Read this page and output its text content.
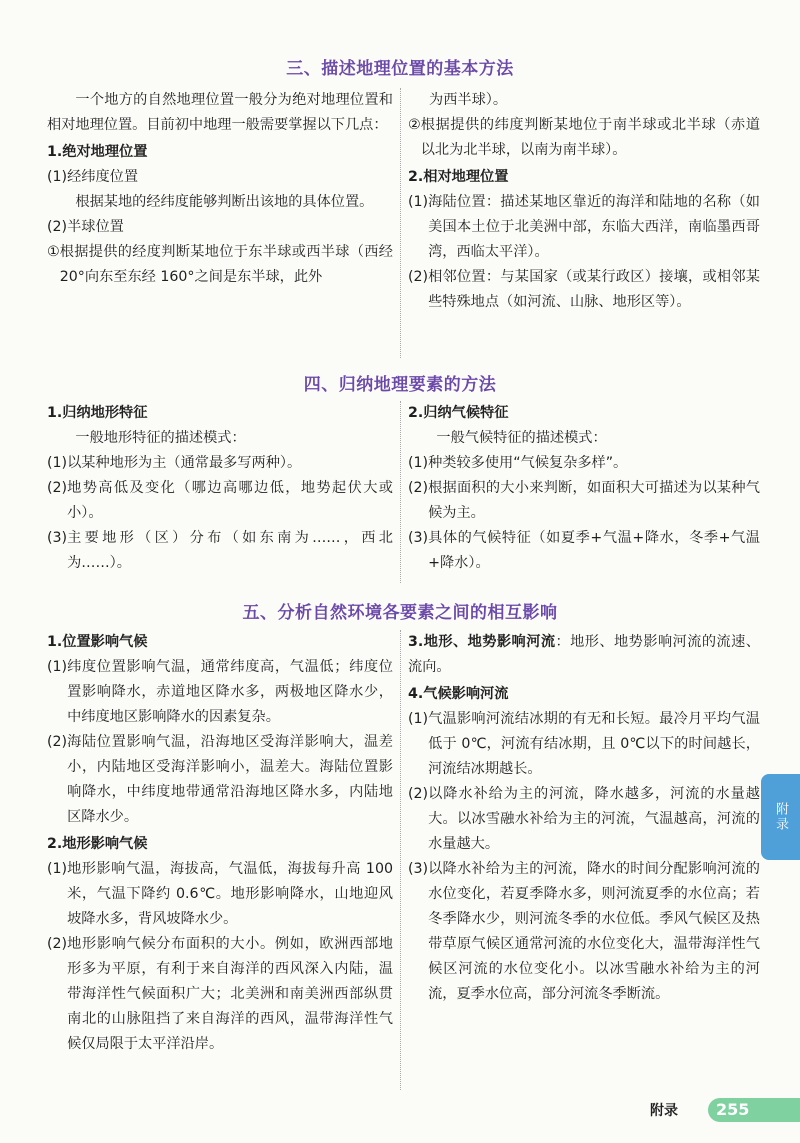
三、描述地理位置的基本方法

一个地方的自然地理位置一般分为绝对地理位置和相对地理位置。目前初中地理一般需要掌握以下几点：

1.绝对地理位置

(1)经纬度位置

根据某地的经纬度能够判断出该地的具体位置。

(2)半球位置

① 根据提供的经度判断某地位于东半球或西半球（西经 20°向东至东经 160°之间是东半球，此外

为西半球）。

② 根据提供的纬度判断某地位于南半球或北半球（赤道以北为北半球，以南为南半球）。

2.相对地理位置

(1) 海陆位置：描述某地区靠近的海洋和陆地的名称（如美国本土位于北美洲中部，东临大西洋，南临墨西哥湾，西临太平洋）。
(2) 相邻位置：与某国家（或某行政区）接壤，或相邻某些特殊地点（如河流、山脉、地形区等）。
四、归纳地理要素的方法

1.归纳地形特征

一般地形特征的描述模式：

(1) 以某种地形为主（通常最多写两种）。
(2) 地势高低及变化（哪边高哪边低，地势起伏大或小）。
(3) 主要地形（区）分布（如东南为……，西北为……）。

2.归纳气候特征

一般气候特征的描述模式：

(1) 种类较多使用“气候复杂多样”。
(2) 根据面积的大小来判断，如面积大可描述为以某种气候为主。
(3) 具体的气候特征（如夏季+气温+降水，冬季+气温+降水）。
五、分析自然环境各要素之间的相互影响

1.位置影响气候

(1) 纬度位置影响气温，通常纬度高，气温低；纬度位置影响降水，赤道地区降水多，两极地区降水少，中纬度地区影响降水的因素复杂。
(2) 海陆位置影响气温，沿海地区受海洋影响大，温差小，内陆地区受海洋影响小，温差大。海陆位置影响降水，中纬度地带通常沿海地区降水多，内陆地区降水少。

2.地形影响气候

(1) 地形影响气温，海拔高，气温低，海拔每升高 100 米，气温下降约 0.6℃。地形影响降水，山地迎风坡降水多，背风坡降水少。
(2) 地形影响气候分布面积的大小。例如，欧洲西部地形多为平原，有利于来自海洋的西风深入内陆，温带海洋性气候面积广大；北美洲和南美洲西部纵贯南北的山脉阻挡了来自海洋的西风，温带海洋性气候仅局限于太平洋沿岸。

3.地形、地势影响河流：地形、地势影响河流的流速、流向。

4.气候影响河流

(1) 气温影响河流结冰期的有无和长短。最冷月平均气温低于 0℃，河流有结冰期，且 0℃以下的时间越长，河流结冰期越长。
(2) 以降水补给为主的河流，降水越多，河流的水量越大。以冰雪融水补给为主的河流，气温越高，河流的水量越大。
(3) 以降水补给为主的河流，降水的时间分配影响河流的水位变化，若夏季降水多，则河流夏季的水位高；若冬季降水少，则河流冬季的水位低。季风气候区及热带草原气候区通常河流的水位变化大，温带海洋性气候区河流的水位变化小。以冰雪融水补给为主的河流，夏季水位高，部分河流冬季断流。
附录
附录	255
